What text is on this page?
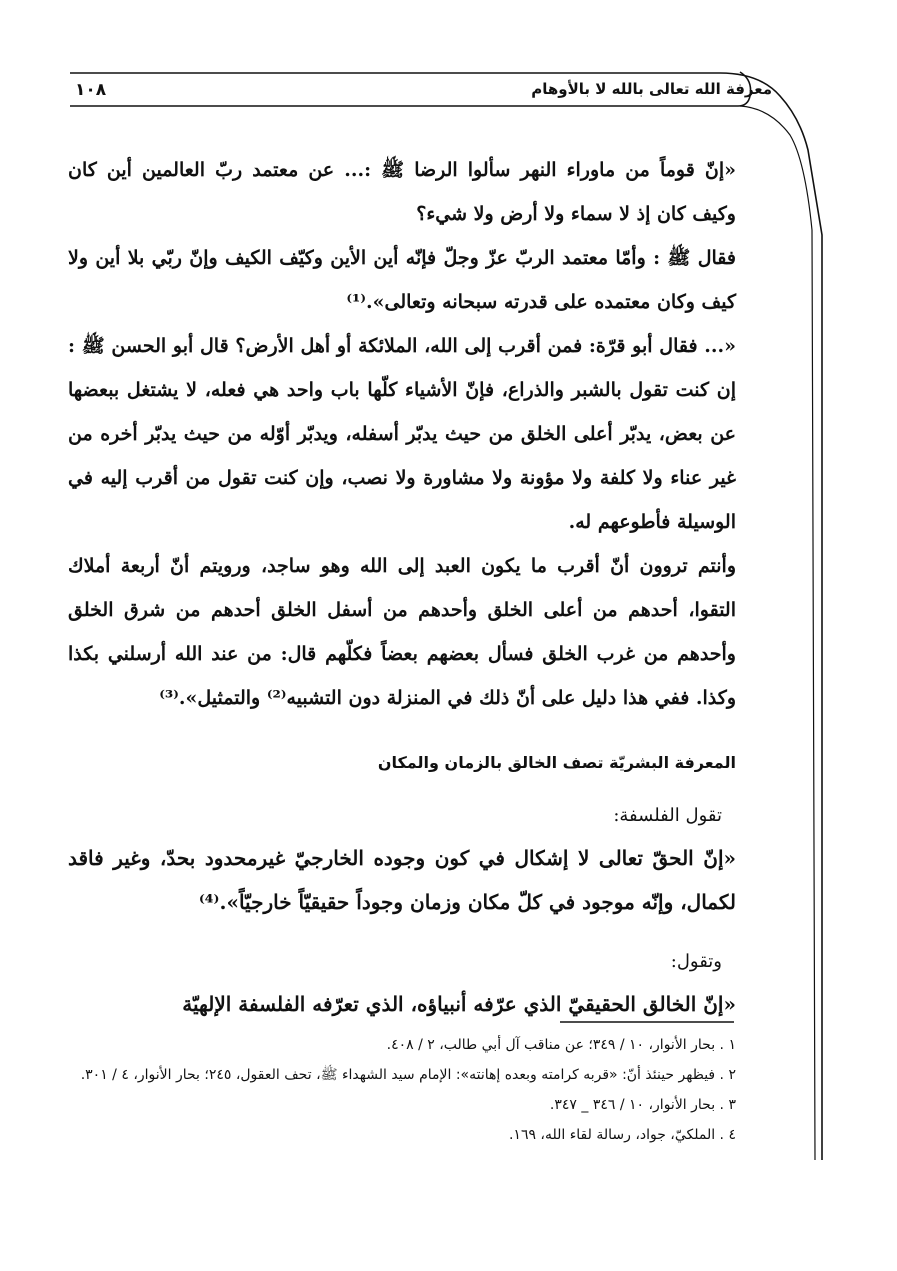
معرفة الله تعالى بالله لا بالأوهام
١٠٨

«إنّ قوماً من ماوراء النهر سألوا الرضا ﷺ :... عن معتمد ربّ العالمين أين كان وكيف كان إذ لا سماء ولا أرض ولا شيء؟

فقال ﷺ : وأمّا معتمد الربّ عزّ وجلّ فإنّه أين الأين وكيّف الكيف وإنّ ربّي بلا أين ولا كيف وكان معتمده على قدرته سبحانه وتعالى».⁽¹⁾

«... فقال أبو قرّة: فمن أقرب إلى الله، الملائكة أو أهل الأرض؟ قال أبو الحسن ﷺ : إن كنت تقول بالشبر والذراع، فإنّ الأشياء كلّها باب واحد هي فعله، لا يشتغل ببعضها عن بعض، يدبّر أعلى الخلق من حيث يدبّر أسفله، ويدبّر أوّله من حيث يدبّر أخره من غير عناء ولا كلفة ولا مؤونة ولا مشاورة ولا نصب، وإن كنت تقول من أقرب إليه في الوسيلة فأطوعهم له.

وأنتم تروون أنّ أقرب ما يكون العبد إلى الله وهو ساجد، ورويتم أنّ أربعة أملاك التقوا، أحدهم من أعلى الخلق وأحدهم من أسفل الخلق أحدهم من شرق الخلق وأحدهم من غرب الخلق فسأل بعضهم بعضاً فكلّهم قال: من عند الله أرسلني بكذا وكذا. ففي هذا دليل على أنّ ذلك في المنزلة دون التشبيه⁽²⁾ والتمثيل».⁽³⁾

المعرفة البشريّة تصف الخالق بالزمان والمكان

تقول الفلسفة:

«إنّ الحقّ تعالى لا إشكال في كون وجوده الخارجيّ غيرمحدود بحدّ، وغير فاقد لكمال، وإنّه موجود في كلّ مكان وزمان وجوداً حقيقيّاً خارجيّاً».⁽⁴⁾

وتقول:

«إنّ الخالق الحقيقيّ الذي عرّفه أنبياؤه، الذي تعرّفه الفلسفة الإلهيّة

١ . بحار الأنوار، ١٠ / ٣٤٩؛ عن مناقب آل أبي طالب، ٢ / ٤٠٨.

٢ . فيظهر حينئذ أنّ: «قربه كرامته وبعده إهانته»: الإمام سيد الشهداء ﷺ، تحف العقول، ٢٤٥؛ بحار الأنوار، ٤ / ٣٠١.

٣ . بحار الأنوار، ١٠ / ٣٤٦ _ ٣٤٧.

٤ . الملكيّ، جواد، رسالة لقاء الله، ١٦٩.
